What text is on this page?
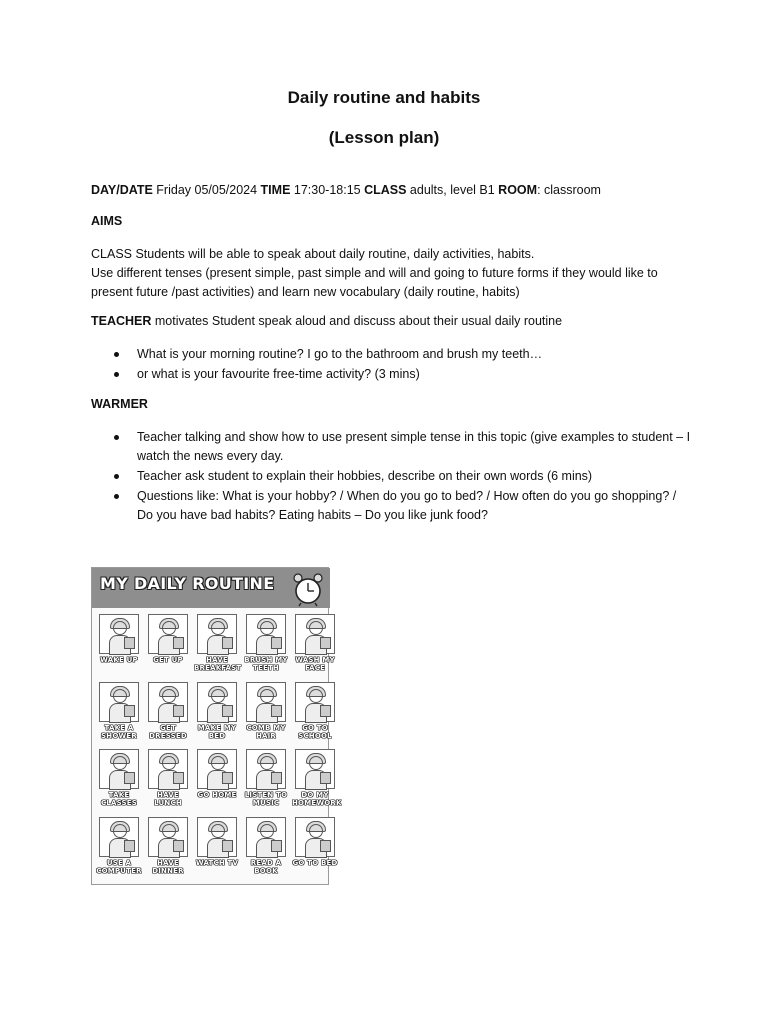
Daily routine and habits
(Lesson plan)

DAY/DATE Friday 05/05/2024 TIME 17:30-18:15 CLASS adults, level B1 ROOM: classroom

AIMS

CLASS Students will be able to speak about daily routine, daily activities, habits.

Use different tenses (present simple, past simple and will and going to future forms if they would like to present future /past activities) and learn new vocabulary (daily routine, habits)

TEACHER motivates Student speak aloud and discuss about their usual daily routine

What is your morning routine? I go to the bathroom and brush my teeth…
or what is your favourite free-time activity? (3 mins)

WARMER

Teacher talking and show how to use present simple tense in this topic (give examples to student – I watch the news every day.
Teacher ask student to explain their hobbies, describe on their own words (6 mins)
Questions like: What is your hobby? / When do you go to bed? / How often do you go shopping? / Do you have bad habits? Eating habits – Do you like junk food?
MY DAILY ROUTINE
WAKE UP	GET UP	HAVE BREAKFAST
BRUSH MY TEETH
WASH MY FACE
TAKE A SHOWER
GET DRESSED
MAKE MY BED
COMB MY HAIR
GO TO SCHOOL
TAKE CLASSES
HAVE LUNCH
GO HOME	LISTEN TO MUSIC
DO MY HOMEWORK
USE A COMPUTER
HAVE DINNER
WATCH TV	READ A BOOK
GO TO BED
